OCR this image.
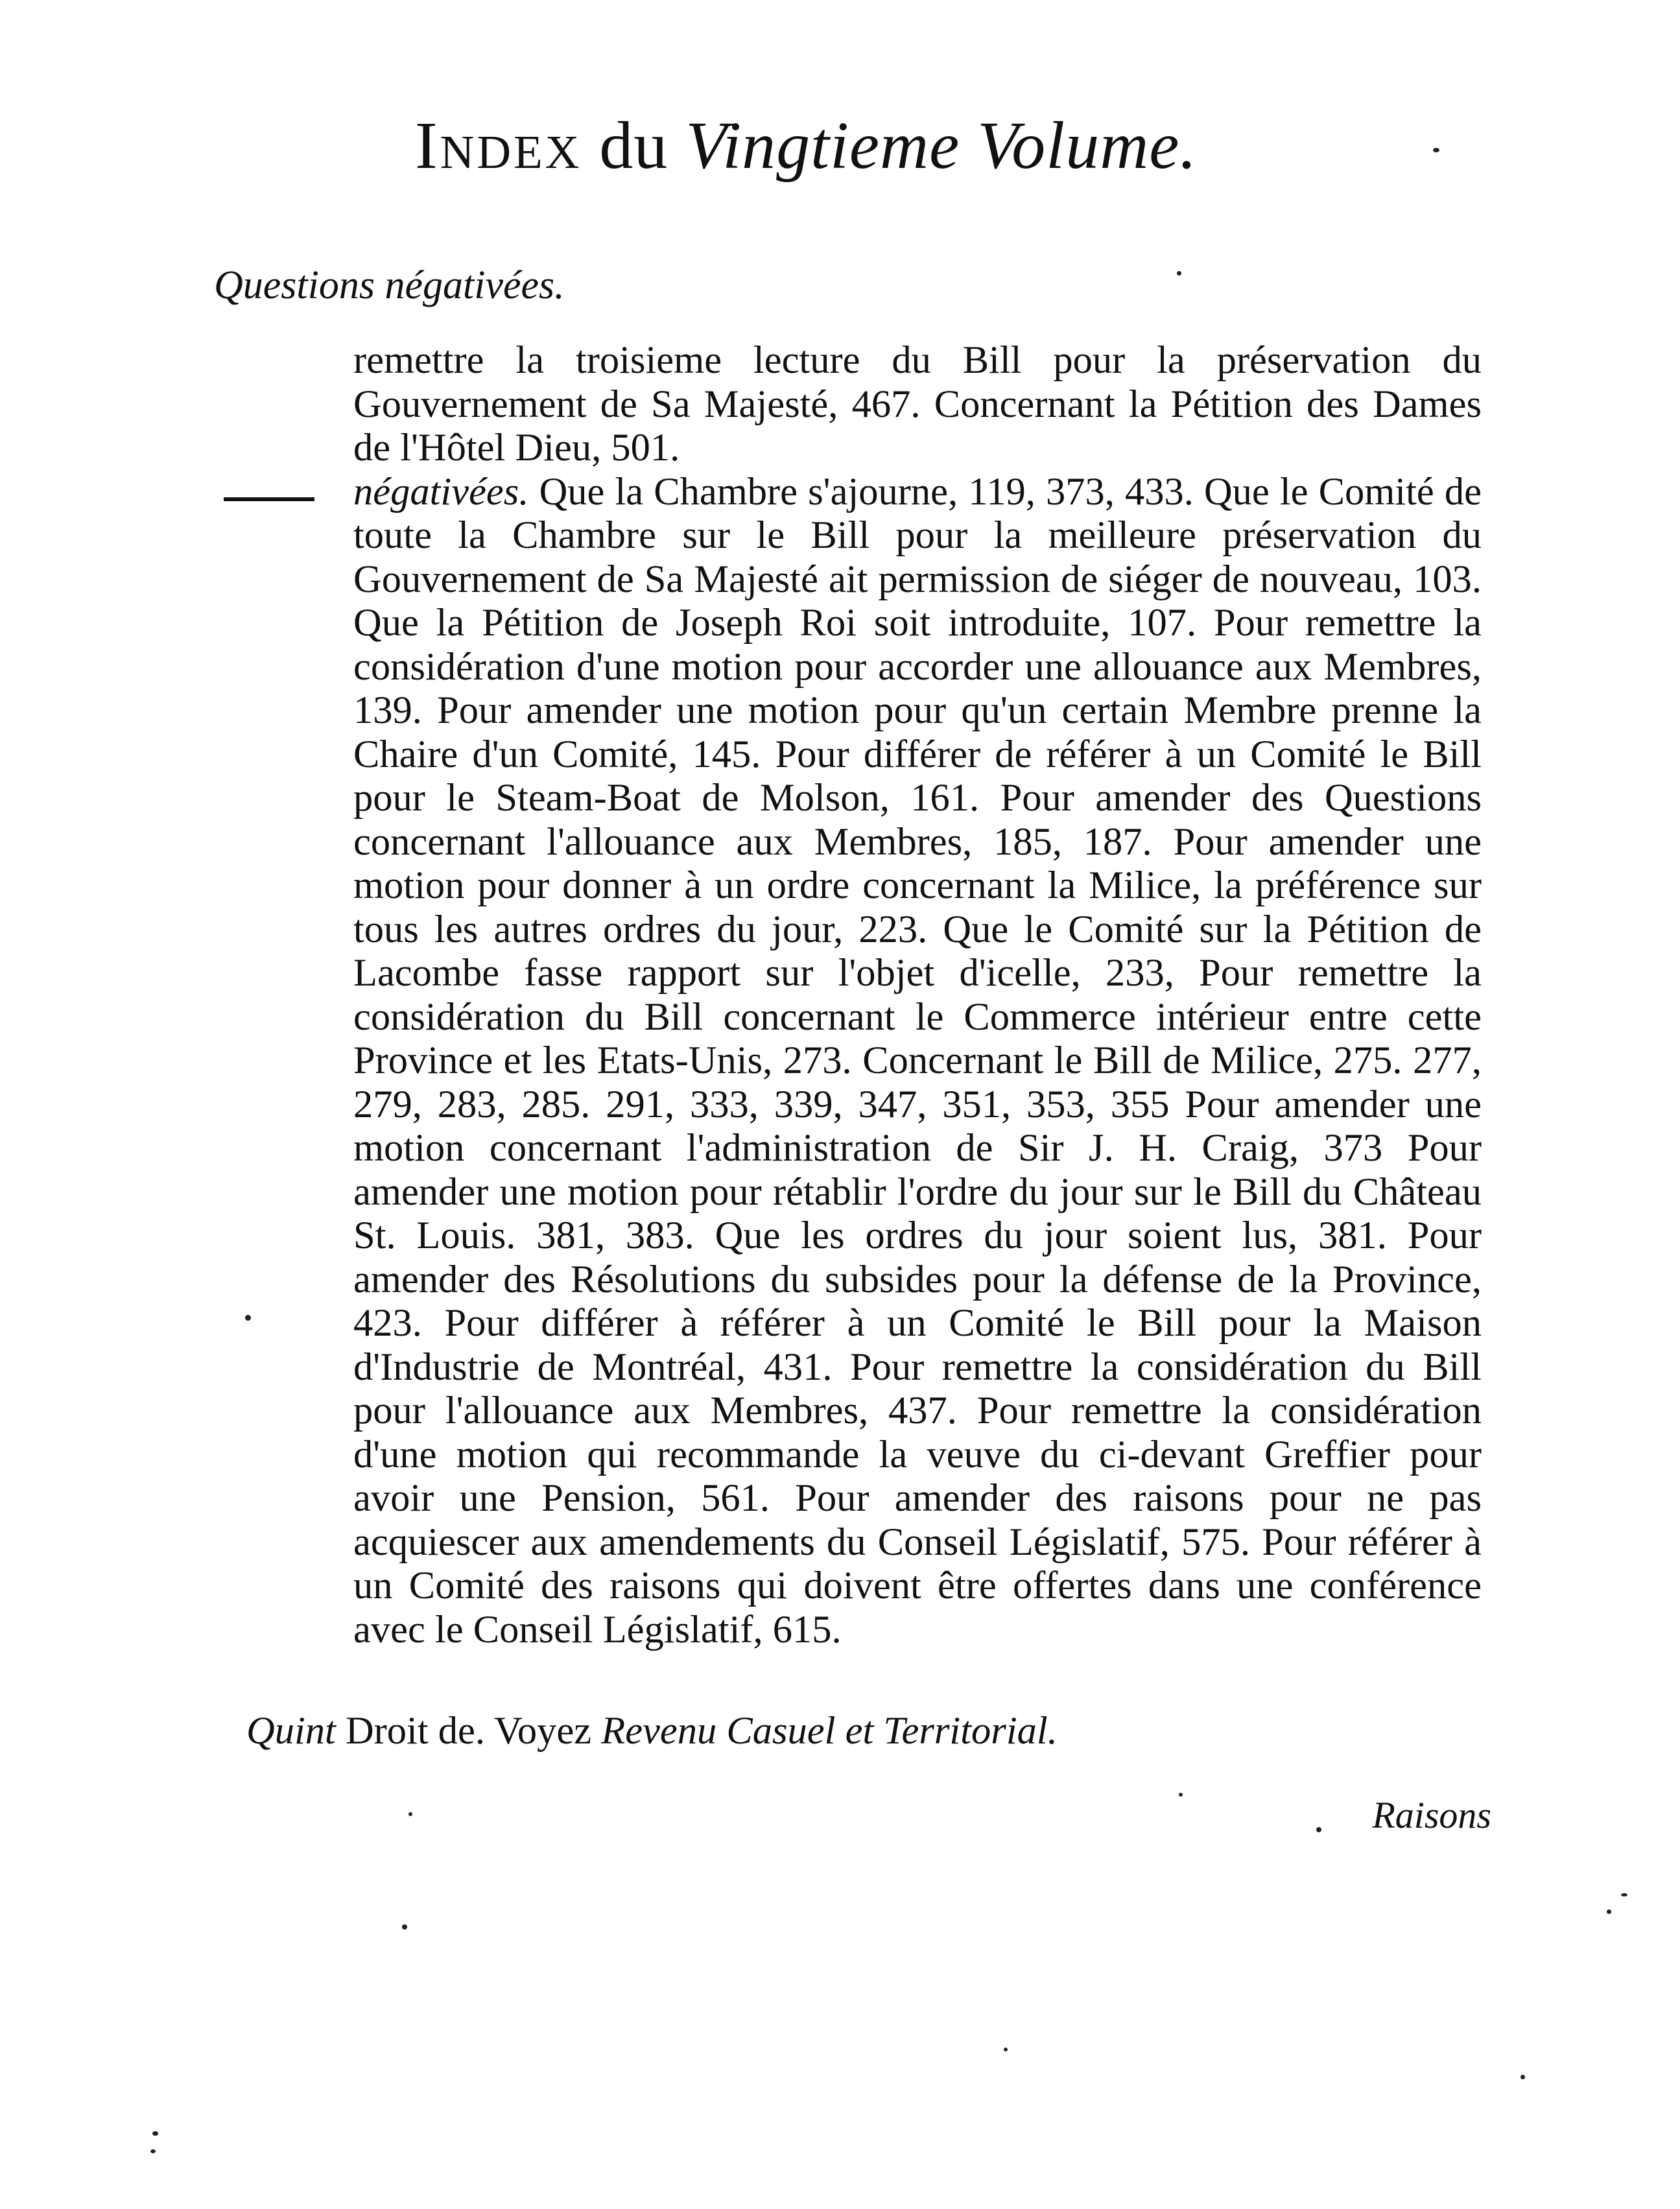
Index du Vingtieme Volume.
Questions négativées.

remettre la troisieme lecture du Bill pour la préservation du Gouvernement de Sa Majesté, 467. Concernant la Pétition des Dames de l'Hôtel Dieu, 501.

négativées. Que la Chambre s'ajourne, 119, 373, 433. Que le Comité de toute la Chambre sur le Bill pour la meilleure préservation du Gouvernement de Sa Majesté ait permission de siéger de nouveau, 103. Que la Pétition de Joseph Roi soit introduite, 107. Pour remettre la considération d'une motion pour accorder une allouance aux Membres, 139. Pour amender une motion pour qu'un certain Membre prenne la Chaire d'un Comité, 145. Pour différer de référer à un Comité le Bill pour le Steam-Boat de Molson, 161. Pour amender des Questions concernant l'allouance aux Membres, 185, 187. Pour amender une motion pour donner à un ordre concernant la Milice, la préférence sur tous les autres ordres du jour, 223. Que le Comité sur la Pétition de Lacombe fasse rapport sur l'objet d'icelle, 233, Pour remettre la considération du Bill concernant le Commerce intérieur entre cette Province et les Etats-Unis, 273. Concernant le Bill de Milice, 275. 277, 279, 283, 285. 291, 333, 339, 347, 351, 353, 355 Pour amender une motion concernant l'administration de Sir J. H. Craig, 373 Pour amender une motion pour rétablir l'ordre du jour sur le Bill du Château St. Louis. 381, 383. Que les ordres du jour soient lus, 381. Pour amender des Résolutions du subsides pour la défense de la Province, 423. Pour différer à référer à un Comité le Bill pour la Maison d'Industrie de Montréal, 431. Pour remettre la considération du Bill pour l'allouance aux Membres, 437. Pour remettre la considération d'une motion qui recommande la veuve du ci-devant Greffier pour avoir une Pension, 561. Pour amender des raisons pour ne pas acquiescer aux amendements du Conseil Législatif, 575. Pour référer à un Comité des raisons qui doivent être offertes dans une conférence avec le Conseil Législatif, 615.

Quint Droit de. Voyez Revenu Casuel et Territorial.
Raisons
